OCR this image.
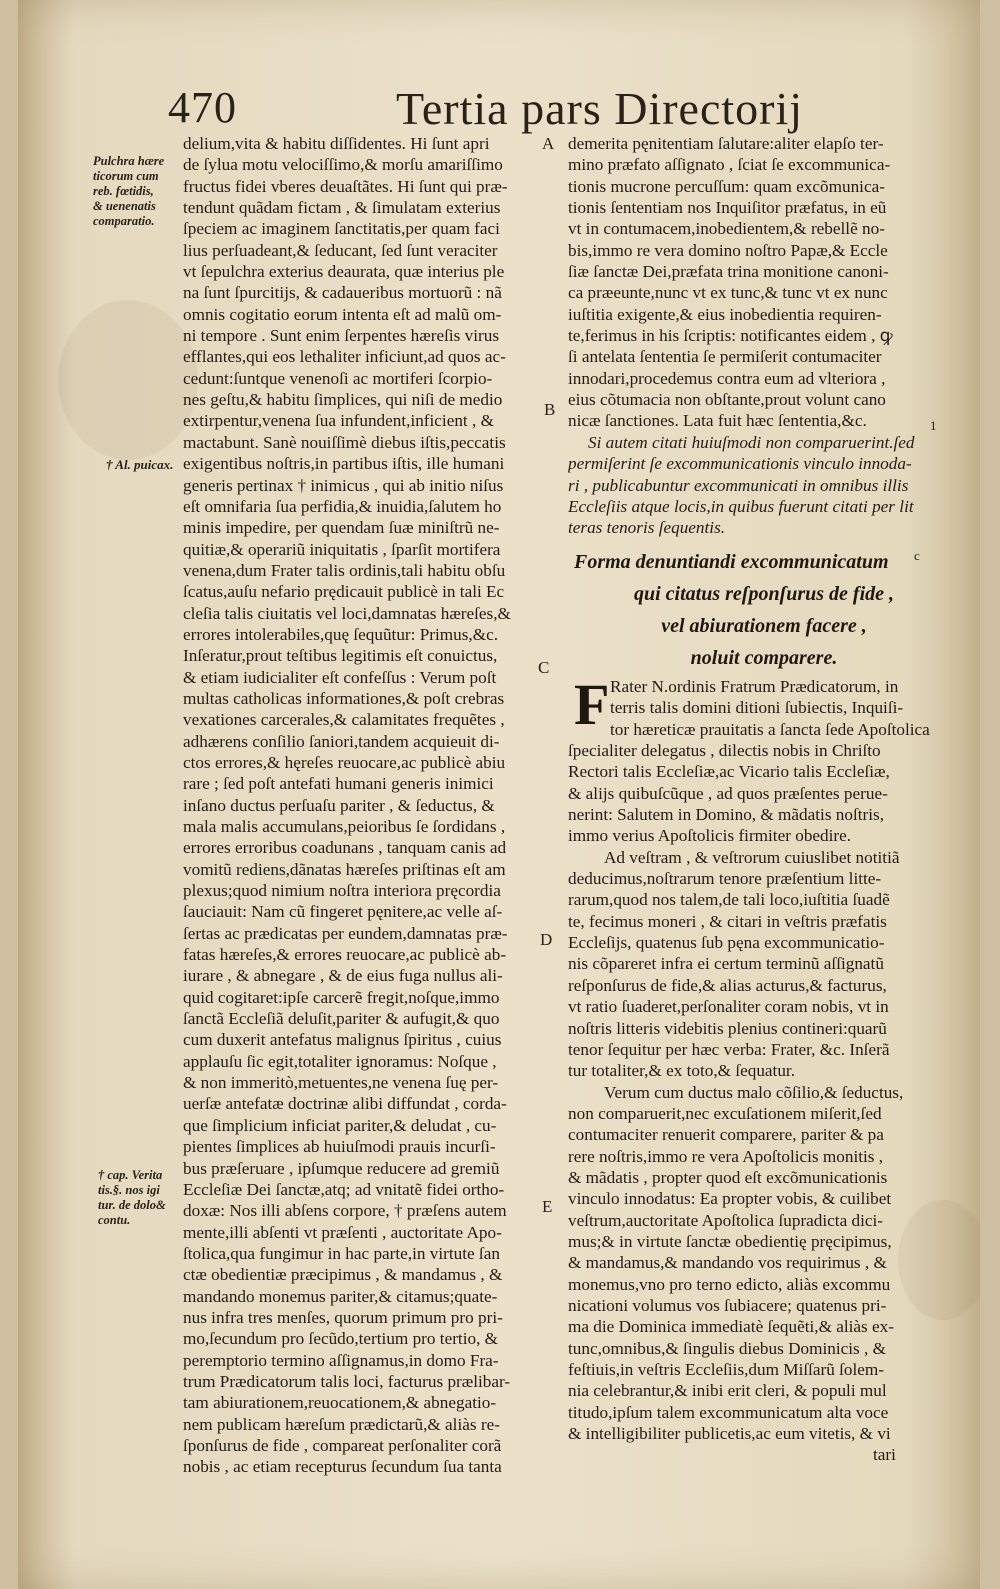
470	Tertia pars Directorij
Pulchra hære
ticorum cum
reb. fœtidis,
& uenenatis
comparatio.
† Al. puicax.
† cap. Verita
tis.§. nos igi
tur. de dolo&
contu.
A
B
C
D
E
1
c
delium,vita & habitu diſſidentes. Hi ſunt apri
de ſylua motu velociſſimo,& morſu amariſſimo
fructus fidei vberes deuaſtãtes. Hi ſunt qui præ-
tendunt quãdam fictam , & ſimulatam exterius
ſpeciem ac imaginem ſanctitatis,per quam faci
lius perſuadeant,& ſeducant, ſed ſunt veraciter
vt ſepulchra exterius deaurata, quæ interius ple
na ſunt ſpurcitijs, & cadaueribus mortuorũ : nã
omnis cogitatio eorum intenta eſt ad malũ om-
ni tempore . Sunt enim ſerpentes hæreſis virus
efflantes,qui eos lethaliter inficiunt,ad quos ac-
cedunt:ſuntque venenoſi ac mortiferi ſcorpio-
nes geſtu,& habitu ſimplices, qui niſi de medio
extirpentur,venena ſua infundent,inficient , &
mactabunt. Sanè nouiſſimè diebus iſtis,peccatis
exigentibus noſtris,in partibus iſtis, ille humani
generis pertinax † inimicus , qui ab initio niſus
eſt omnifaria ſua perfidia,& inuidia,ſalutem ho
minis impedire, per quendam ſuæ miniſtrũ ne-
quitiæ,& operariũ iniquitatis , ſparſit mortifera
venena,dum Frater talis ordinis,tali habitu obſu
ſcatus,auſu nefario prędicauit publicè in tali Ec
cleſia talis ciuitatis vel loci,damnatas hæreſes,&
errores intolerabiles,quę ſequũtur: Primus,&c.
Inſeratur,prout teſtibus legitimis eſt conuictus,
& etiam iudicialiter eſt confeſſus : Verum poſt
multas catholicas informationes,& poſt crebras
vexationes carcerales,& calamitates frequẽtes ,
adhærens conſilio ſaniori,tandem acquieuit di-
ctos errores,& hęreſes reuocare,ac publicè abiu
rare ; ſed poſt antefati humani generis inimici
inſano ductus perſuaſu pariter , & ſeductus, &
mala malis accumulans,peioribus ſe ſordidans ,
errores erroribus coadunans , tanquam canis ad
vomitũ rediens,dãnatas hæreſes priſtinas eſt am
plexus;quod nimium noſtra interiora pręcordia
ſauciauit: Nam cũ fingeret pęnitere,ac velle aſ-
ſertas ac prædicatas per eundem,damnatas præ-
fatas hæreſes,& errores reuocare,ac publicè ab-
iurare , & abnegare , & de eius fuga nullus ali-
quid cogitaret:ipſe carcerẽ fregit,noſque,immo
ſanctã Eccleſiã deluſit,pariter & aufugit,& quo
cum duxerit antefatus malignus ſpiritus , cuius
applauſu ſic egit,totaliter ignoramus: Noſque ,
& non immeritò,metuentes,ne venena ſuę per-
uerſæ antefatæ doctrinæ alibi diffundat , corda-
que ſimplicium inficiat pariter,& deludat , cu-
pientes ſimplices ab huiuſmodi prauis incurſi-
bus præſeruare , ipſumque reducere ad gremiũ
Eccleſiæ Dei ſanctæ,atq; ad vnitatẽ fidei ortho-
doxæ: Nos illi abſens corpore, † præſens autem
mente,illi abſenti vt præſenti , auctoritate Apo-
ſtolica,qua fungimur in hac parte,in virtute ſan
ctæ obedientiæ præcipimus , & mandamus , &
mandando monemus pariter,& citamus;quate-
nus infra tres menſes, quorum primum pro pri-
mo,ſecundum pro ſecũdo,tertium pro tertio, &
peremptorio termino aſſignamus,in domo Fra-
trum Prædicatorum talis loci, facturus prælibar-
tam abiurationem,reuocationem,& abnegatio-
nem publicam hæreſum prædictarũ,& aliàs re-
ſponſurus de fide , compareat perſonaliter corã
nobis , ac etiam recepturus ſecundum ſua tanta
demerita pęnitentiam ſalutare:aliter elapſo ter-
mino præfato aſſignato , ſciat ſe excommunica-
tionis mucrone percuſſum: quam excõmunica-
tionis ſententiam nos Inquiſitor præfatus, in eũ
vt in contumacem,inobedientem,& rebellẽ no-
bis,immo re vera domino noſtro Papæ,& Eccle
ſiæ ſanctæ Dei,præfata trina monitione canoni-
ca præeunte,nunc vt ex tunc,& tunc vt ex nunc
iuſtitia exigente,& eius inobedientia requiren-
te,ferimus in his ſcriptis: notificantes eidem , ꝙ
ſi antelata ſententia ſe permiſerit contumaciter
innodari,procedemus contra eum ad vlteriora ,
eius cõtumacia non obſtante,prout volunt cano
nicæ ſanctiones. Lata fuit hæc ſententia,&c.
Si autem citati huiuſmodi non comparuerint.ſed
permiſerint ſe excommunicationis vinculo innoda-
ri , publicabuntur excommunicati in omnibus illis
Eccleſiis atque locis,in quibus fuerunt citati per lit
teras tenoris ſequentis.
Forma denuntiandi excommunicatum
qui citatus reſponſurus de fide ,
vel abiurationem facere ,
noluit comparere.
F Rater N.ordinis Fratrum Prædicatorum, in
terris talis domini ditioni ſubiectis, Inquiſi-
tor hæreticæ prauitatis a ſancta ſede Apoſtolica
ſpecialiter delegatus , dilectis nobis in Chriſto
Rectori talis Eccleſiæ,ac Vicario talis Eccleſiæ,
& alijs quibuſcũque , ad quos præſentes perue-
nerint: Salutem in Domino, & mãdatis noſtris,
immo verius Apoſtolicis firmiter obedire.
Ad veſtram , & veſtrorum cuiuslibet notitiã
deducimus,noſtrarum tenore præſentium litte-
rarum,quod nos talem,de tali loco,iuſtitia ſuadẽ
te, fecimus moneri , & citari in veſtris præfatis
Eccleſijs, quatenus ſub pęna excommunicatio-
nis cõpareret infra ei certum terminũ aſſignatũ
reſponſurus de fide,& alias acturus,& facturus,
vt ratio ſuaderet,perſonaliter coram nobis, vt in
noſtris litteris videbitis plenius contineri:quarũ
tenor ſequitur per hæc verba: Frater, &c. Inſerã
tur totaliter,& ex toto,& ſequatur.
Verum cum ductus malo cõſilio,& ſeductus,
non comparuerit,nec excuſationem miſerit,ſed
contumaciter renuerit comparere, pariter & pa
rere noſtris,immo re vera Apoſtolicis monitis ,
& mãdatis , propter quod eſt excõmunicationis
vinculo innodatus: Ea propter vobis, & cuilibet
veſtrum,auctoritate Apoſtolica ſupradicta dici-
mus;& in virtute ſanctæ obedientię pręcipimus,
& mandamus,& mandando vos requirimus , &
monemus,vno pro terno edicto, aliàs excommu
nicationi volumus vos ſubiacere; quatenus pri-
ma die Dominica immediatè ſequẽti,& aliàs ex-
tunc,omnibus,& ſingulis diebus Dominicis , &
feſtiuis,in veſtris Eccleſiis,dum Miſſarũ ſolem-
nia celebrantur,& inibi erit cleri, & populi mul
titudo,ipſum talem excommunicatum alta voce
& intelligibiliter publicetis,ac eum vitetis, & vi
tari
